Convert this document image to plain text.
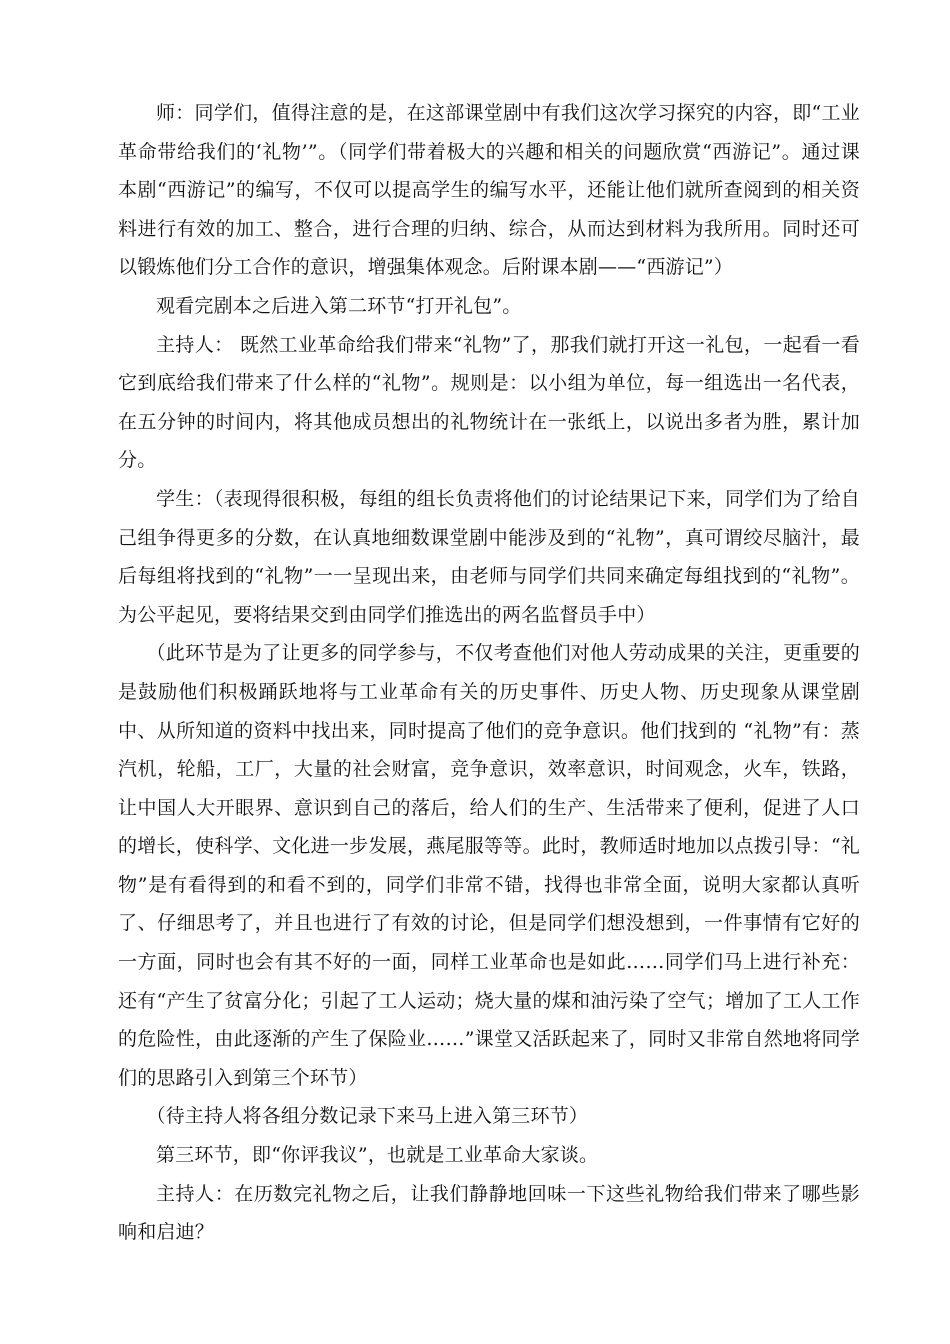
师：同学们，值得注意的是，在这部课堂剧中有我们这次学习探究的内容，即“工业革命带给我们的‘礼物’”。（同学们带着极大的兴趣和相关的问题欣赏“西游记”。通过课本剧“西游记”的编写，不仅可以提高学生的编写水平，还能让他们就所查阅到的相关资料进行有效的加工、整合，进行合理的归纳、综合，从而达到材料为我所用。同时还可以锻炼他们分工合作的意识，增强集体观念。后附课本剧——“西游记”）

观看完剧本之后进入第二环节“打开礼包”。

主持人： 既然工业革命给我们带来“礼物”了，那我们就打开这一礼包，一起看一看它到底给我们带来了什么样的“礼物”。规则是：以小组为单位，每一组选出一名代表，在五分钟的时间内，将其他成员想出的礼物统计在一张纸上，以说出多者为胜，累计加分。

学生：（表现得很积极，每组的组长负责将他们的讨论结果记下来，同学们为了给自己组争得更多的分数，在认真地细数课堂剧中能涉及到的“礼物”，真可谓绞尽脑汁，最后每组将找到的“礼物”一一呈现出来，由老师与同学们共同来确定每组找到的“礼物”。为公平起见，要将结果交到由同学们推选出的两名监督员手中）

（此环节是为了让更多的同学参与，不仅考查他们对他人劳动成果的关注，更重要的是鼓励他们积极踊跃地将与工业革命有关的历史事件、历史人物、历史现象从课堂剧中、从所知道的资料中找出来，同时提高了他们的竞争意识。他们找到的 “礼物”有：蒸汽机，轮船，工厂，大量的社会财富，竞争意识，效率意识，时间观念，火车，铁路，让中国人大开眼界、意识到自己的落后，给人们的生产、生活带来了便利，促进了人口的增长，使科学、文化进一步发展，燕尾服等等。此时，教师适时地加以点拨引导：“礼物”是有看得到的和看不到的，同学们非常不错，找得也非常全面，说明大家都认真听了、仔细思考了，并且也进行了有效的讨论，但是同学们想没想到，一件事情有它好的一方面，同时也会有其不好的一面，同样工业革命也是如此……同学们马上进行补充：还有“产生了贫富分化；引起了工人运动；烧大量的煤和油污染了空气；增加了工人工作的危险性，由此逐渐的产生了保险业……”课堂又活跃起来了，同时又非常自然地将同学们的思路引入到第三个环节）

（待主持人将各组分数记录下来马上进入第三环节）

第三环节，即“你评我议”，也就是工业革命大家谈。

主持人：在历数完礼物之后，让我们静静地回味一下这些礼物给我们带来了哪些影响和启迪？
